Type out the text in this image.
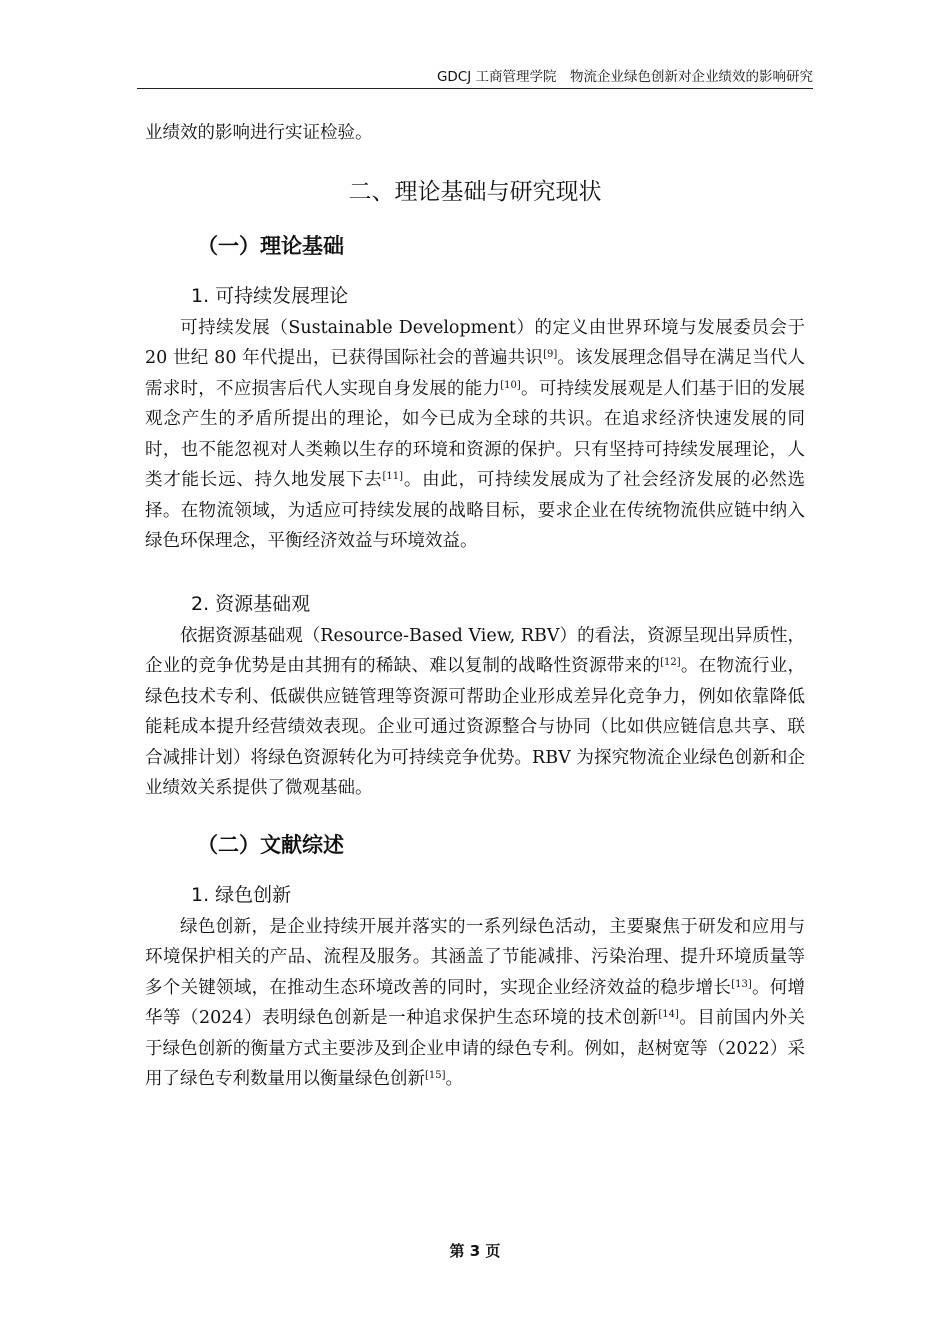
GDCJ 工商管理学院　物流企业绿色创新对企业绩效的影响研究

业绩效的影响进行实证检验。

二、理论基础与研究现状
（一）理论基础
1. 可持续发展理论

可持续发展（Sustainable Development）的定义由世界环境与发展委员会于 20 世纪 80 年代提出，已获得国际社会的普遍共识[9]。该发展理念倡导在满足当代人需求时，不应损害后代人实现自身发展的能力[10]。可持续发展观是人们基于旧的发展观念产生的矛盾所提出的理论，如今已成为全球的共识。在追求经济快速发展的同时，也不能忽视对人类赖以生存的环境和资源的保护。只有坚持可持续发展理论，人类才能长远、持久地发展下去[11]。由此，可持续发展成为了社会经济发展的必然选择。在物流领域，为适应可持续发展的战略目标，要求企业在传统物流供应链中纳入绿色环保理念，平衡经济效益与环境效益。

2. 资源基础观

依据资源基础观（Resource-Based View, RBV）的看法，资源呈现出异质性，企业的竞争优势是由其拥有的稀缺、难以复制的战略性资源带来的[12]。在物流行业，绿色技术专利、低碳供应链管理等资源可帮助企业形成差异化竞争力，例如依靠降低能耗成本提升经营绩效表现。企业可通过资源整合与协同（比如供应链信息共享、联合减排计划）将绿色资源转化为可持续竞争优势。RBV 为探究物流企业绿色创新和企业绩效关系提供了微观基础。

（二）文献综述
1. 绿色创新

绿色创新，是企业持续开展并落实的一系列绿色活动，主要聚焦于研发和应用与环境保护相关的产品、流程及服务。其涵盖了节能减排、污染治理、提升环境质量等多个关键领域，在推动生态环境改善的同时，实现企业经济效益的稳步增长[13]。何增华等（2024）表明绿色创新是一种追求保护生态环境的技术创新[14]。目前国内外关于绿色创新的衡量方式主要涉及到企业申请的绿色专利。例如，赵树宽等（2022）采用了绿色专利数量用以衡量绿色创新[15]。

第 3 页
